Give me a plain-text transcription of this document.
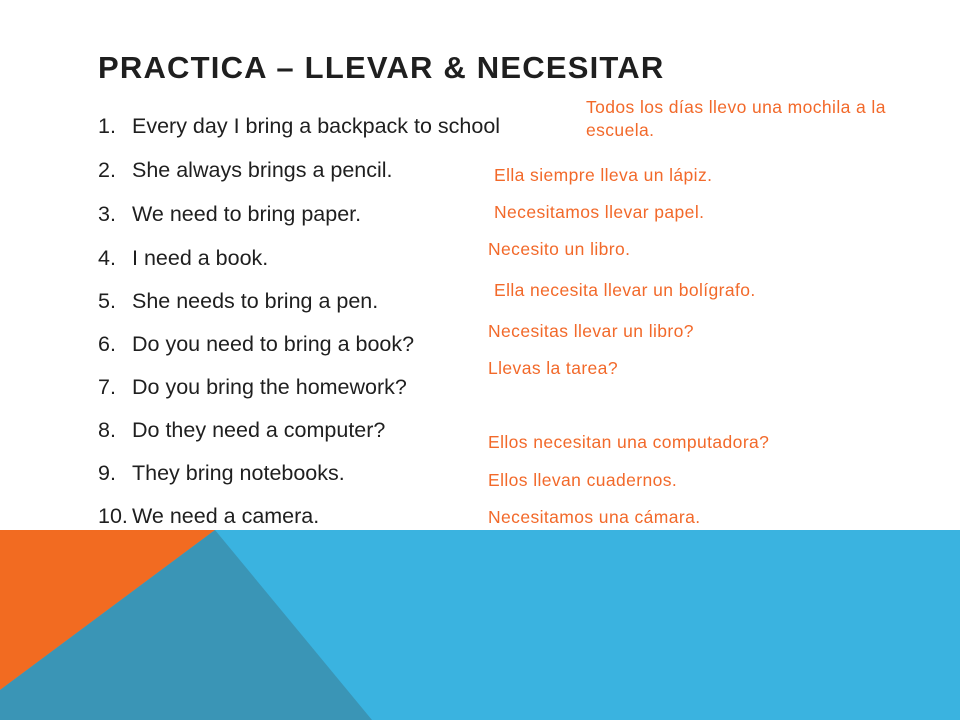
PRACTICA – LLEVAR & NECESITAR
1. Every day I bring a backpack to school
2. She always brings a pencil.
3. We need to bring paper.
4. I need a book.
5. She needs to bring a pen.
6. Do you need to bring a book?
7. Do you bring the homework?
8. Do they need a computer?
9. They bring notebooks.
10. We need a camera.

Todos los días llevo una mochila a la escuela.

Ella siempre lleva un lápiz.

Necesitamos llevar papel.

Necesito un libro.

Ella necesita llevar un bolígrafo.

Necesitas llevar un libro?

Llevas la tarea?

Ellos necesitan una computadora?

Ellos llevan cuadernos.

Necesitamos una cámara.
